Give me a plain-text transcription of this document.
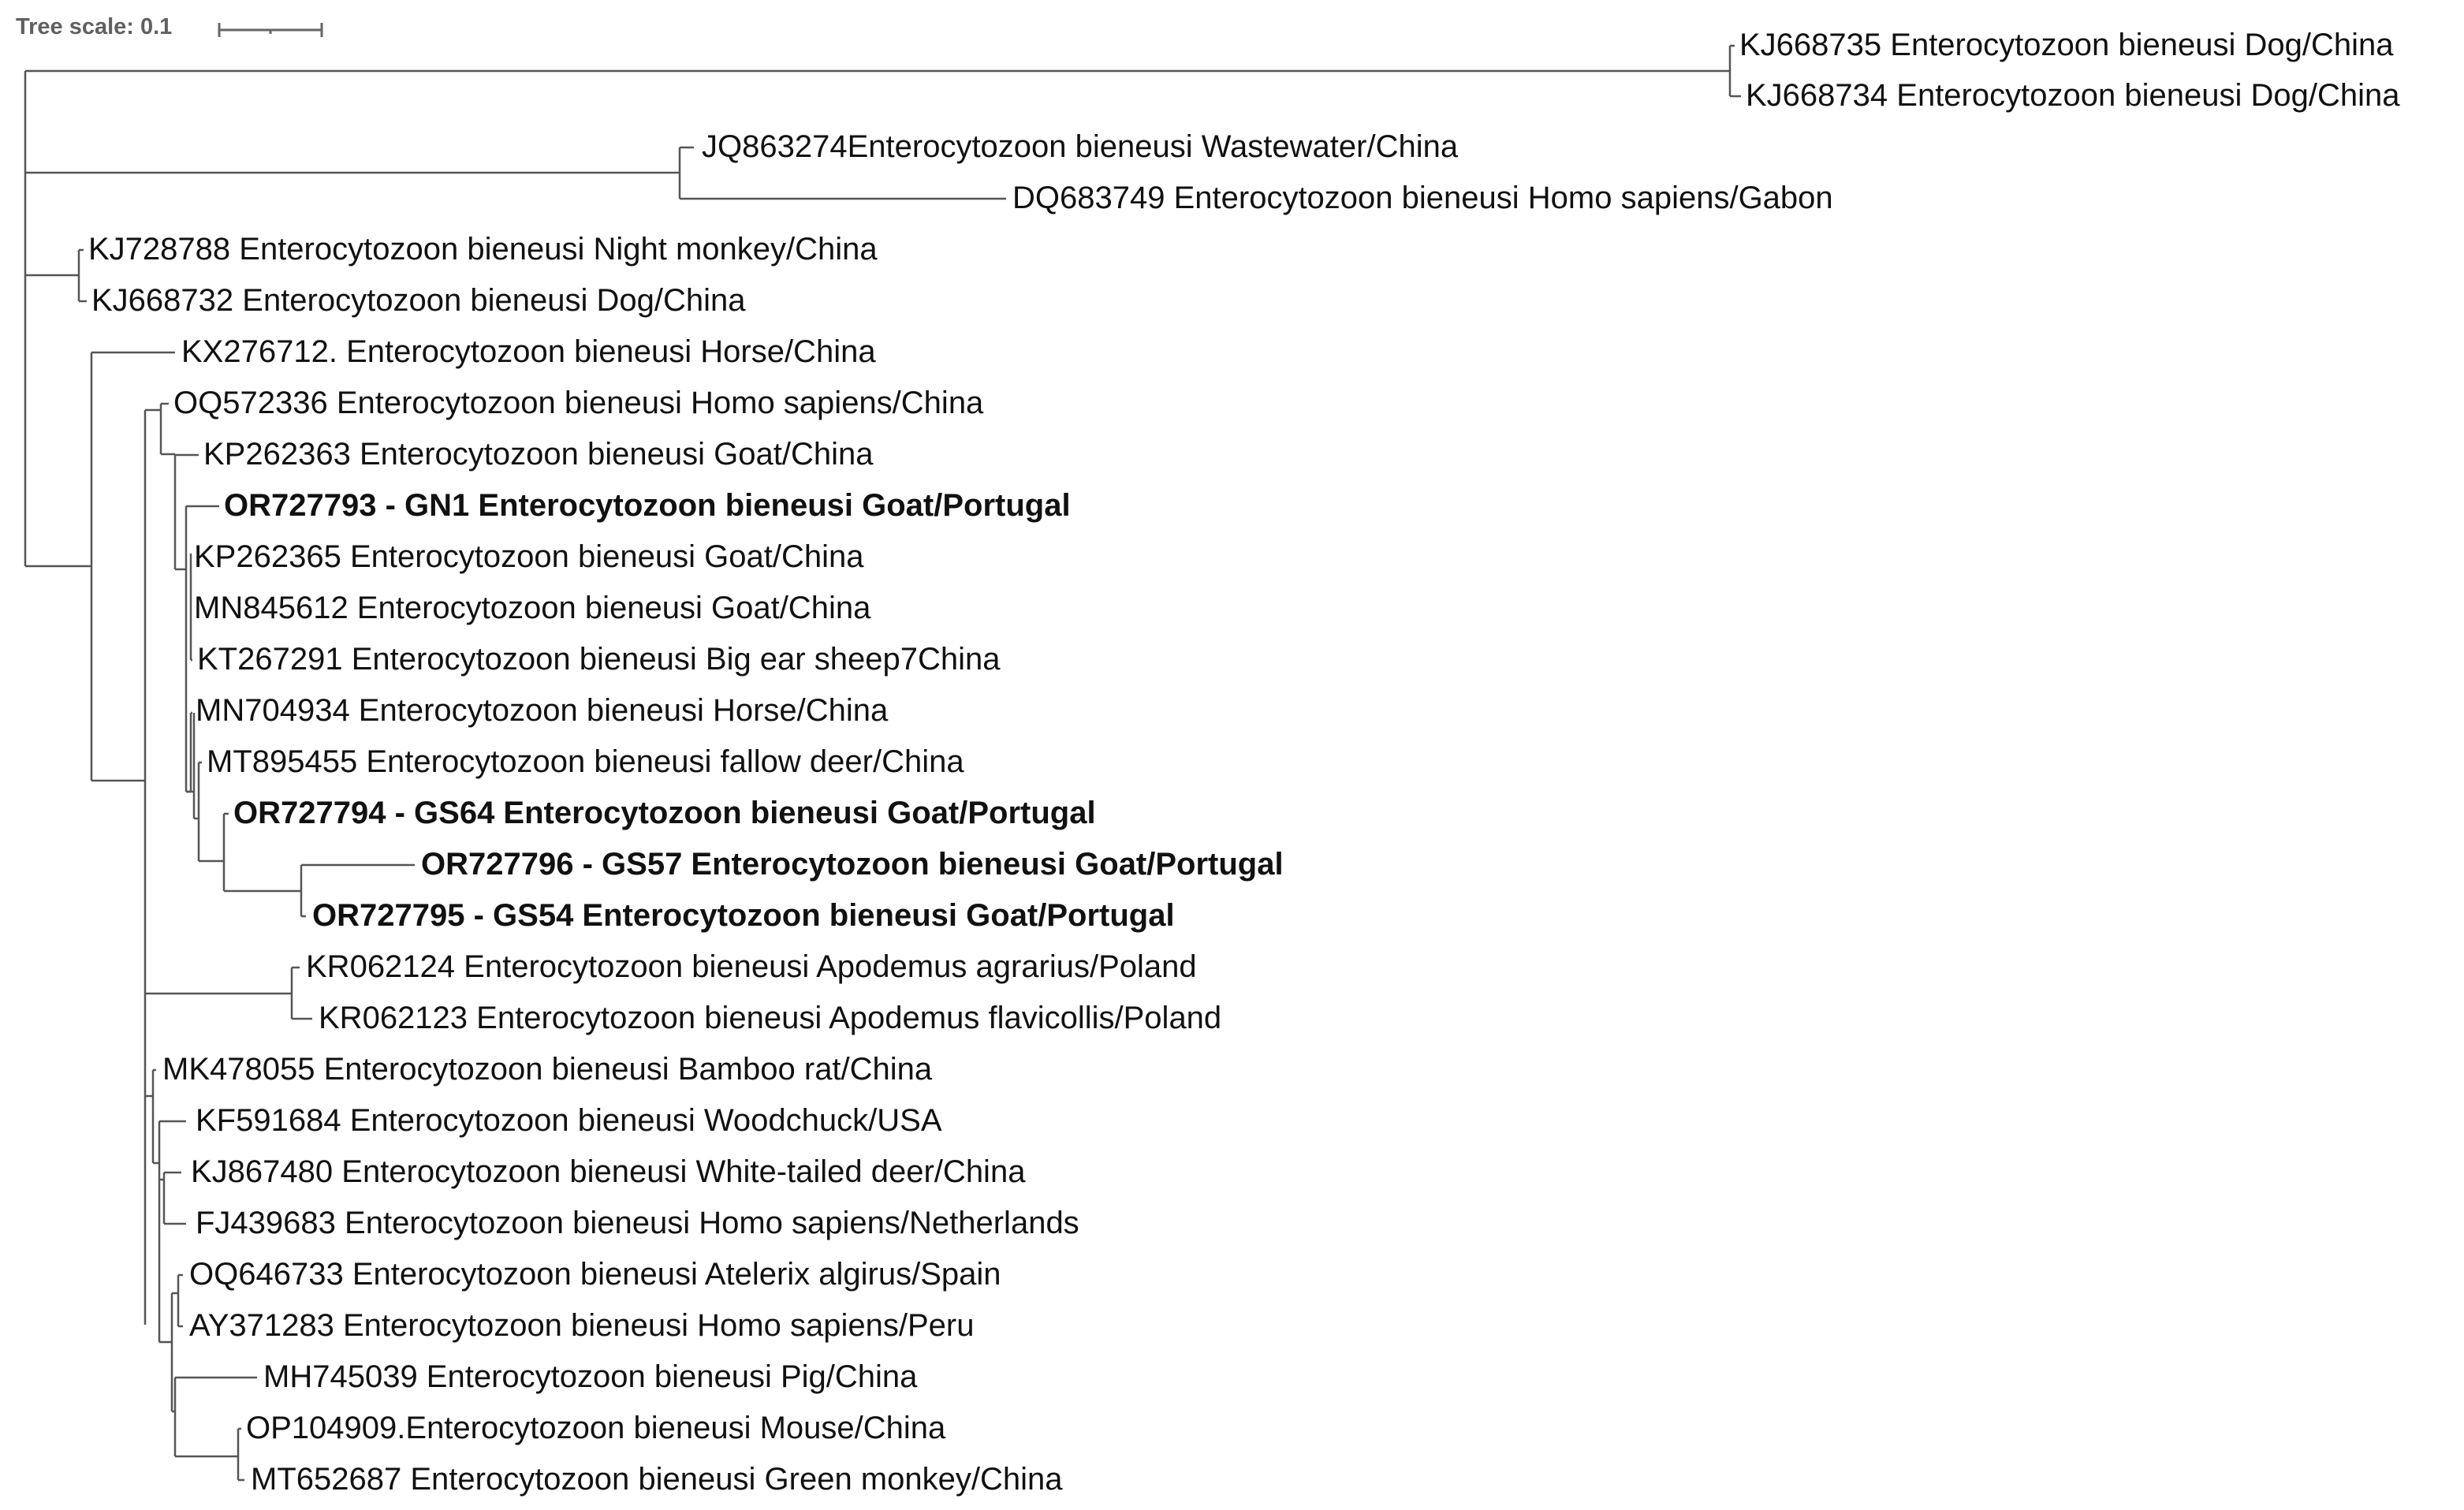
Tree scale: 0.1
KJ668735 Enterocytozoon bieneusi Dog/China
KJ668734 Enterocytozoon bieneusi Dog/China
JQ863274Enterocytozoon bieneusi Wastewater/China
DQ683749 Enterocytozoon bieneusi Homo sapiens/Gabon
KJ728788 Enterocytozoon bieneusi Night monkey/China
KJ668732 Enterocytozoon bieneusi Dog/China
KX276712. Enterocytozoon bieneusi Horse/China
OQ572336 Enterocytozoon bieneusi Homo sapiens/China
KP262363 Enterocytozoon bieneusi Goat/China
OR727793 - GN1 Enterocytozoon bieneusi Goat/Portugal
KP262365 Enterocytozoon bieneusi Goat/China
MN845612 Enterocytozoon bieneusi Goat/China
KT267291 Enterocytozoon bieneusi Big ear sheep7China
MN704934 Enterocytozoon bieneusi Horse/China
MT895455 Enterocytozoon bieneusi fallow deer/China
OR727794 - GS64 Enterocytozoon bieneusi Goat/Portugal
OR727796 - GS57 Enterocytozoon bieneusi Goat/Portugal
OR727795 - GS54 Enterocytozoon bieneusi Goat/Portugal
KR062124 Enterocytozoon bieneusi Apodemus agrarius/Poland
KR062123 Enterocytozoon bieneusi Apodemus flavicollis/Poland
MK478055 Enterocytozoon bieneusi Bamboo rat/China
KF591684 Enterocytozoon bieneusi Woodchuck/USA
KJ867480 Enterocytozoon bieneusi White-tailed deer/China
FJ439683 Enterocytozoon bieneusi Homo sapiens/Netherlands
OQ646733 Enterocytozoon bieneusi Atelerix algirus/Spain
AY371283 Enterocytozoon bieneusi Homo sapiens/Peru
MH745039 Enterocytozoon bieneusi Pig/China
OP104909.Enterocytozoon bieneusi Mouse/China
MT652687 Enterocytozoon bieneusi Green monkey/China
